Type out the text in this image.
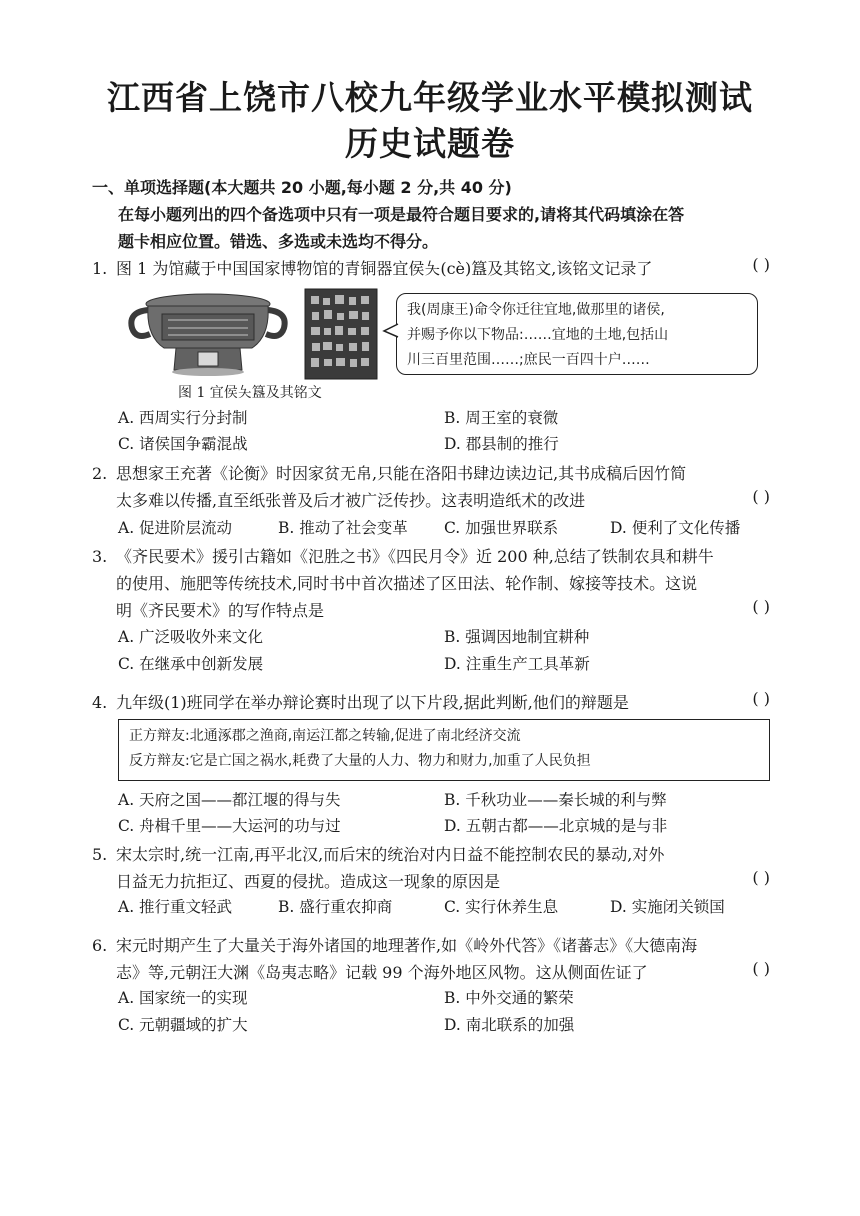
江西省上饶市八校九年级学业水平模拟测试
历史试题卷
一、单项选择题(本大题共 20 小题,每小题 2 分,共 40 分)
在每小题列出的四个备选项中只有一项是最符合题目要求的,请将其代码填涂在答
题卡相应位置。错选、多选或未选均不得分。
1. 图 1 为馆藏于中国国家博物馆的青铜器宜侯夨(cè)簋及其铭文,该铭文记录了	( )
我(周康王)命令你迁往宜地,做那里的诸侯,
并赐予你以下物品:……宜地的土地,包括山
川三百里范围……;庶民一百四十户……
图 1 宜侯夨簋及其铭文
A. 西周实行分封制	B. 周王室的衰微
C. 诸侯国争霸混战	D. 郡县制的推行
2. 思想家王充著《论衡》时因家贫无帛,只能在洛阳书肆边读边记,其书成稿后因竹简
太多难以传播,直至纸张普及后才被广泛传抄。这表明造纸术的改进	( )
A. 促进阶层流动	B. 推动了社会变革 C. 加强世界联系	D. 便利了文化传播
3. 《齐民要术》援引古籍如《氾胜之书》《四民月令》近 200 种,总结了铁制农具和耕牛
的使用、施肥等传统技术,同时书中首次描述了区田法、轮作制、嫁接等技术。这说
明《齐民要术》的写作特点是	( )
A. 广泛吸收外来文化	B. 强调因地制宜耕种
C. 在继承中创新发展	D. 注重生产工具革新
4. 九年级(1)班同学在举办辩论赛时出现了以下片段,据此判断,他们的辩题是	( )
正方辩友:北通涿郡之渔商,南运江都之转输,促进了南北经济交流
反方辩友:它是亡国之祸水,耗费了大量的人力、物力和财力,加重了人民负担
A. 天府之国——都江堰的得与失	B. 千秋功业——秦长城的利与弊
C. 舟楫千里——大运河的功与过	D. 五朝古都——北京城的是与非
5. 宋太宗时,统一江南,再平北汉,而后宋的统治对内日益不能控制农民的暴动,对外
日益无力抗拒辽、西夏的侵扰。造成这一现象的原因是	( )
A. 推行重文轻武	B. 盛行重农抑商	C. 实行休养生息	D. 实施闭关锁国
6. 宋元时期产生了大量关于海外诸国的地理著作,如《岭外代答》《诸蕃志》《大德南海
志》等,元朝汪大渊《岛夷志略》记载 99 个海外地区风物。这从侧面佐证了	( )
A. 国家统一的实现	B. 中外交通的繁荣
C. 元朝疆域的扩大	D. 南北联系的加强
